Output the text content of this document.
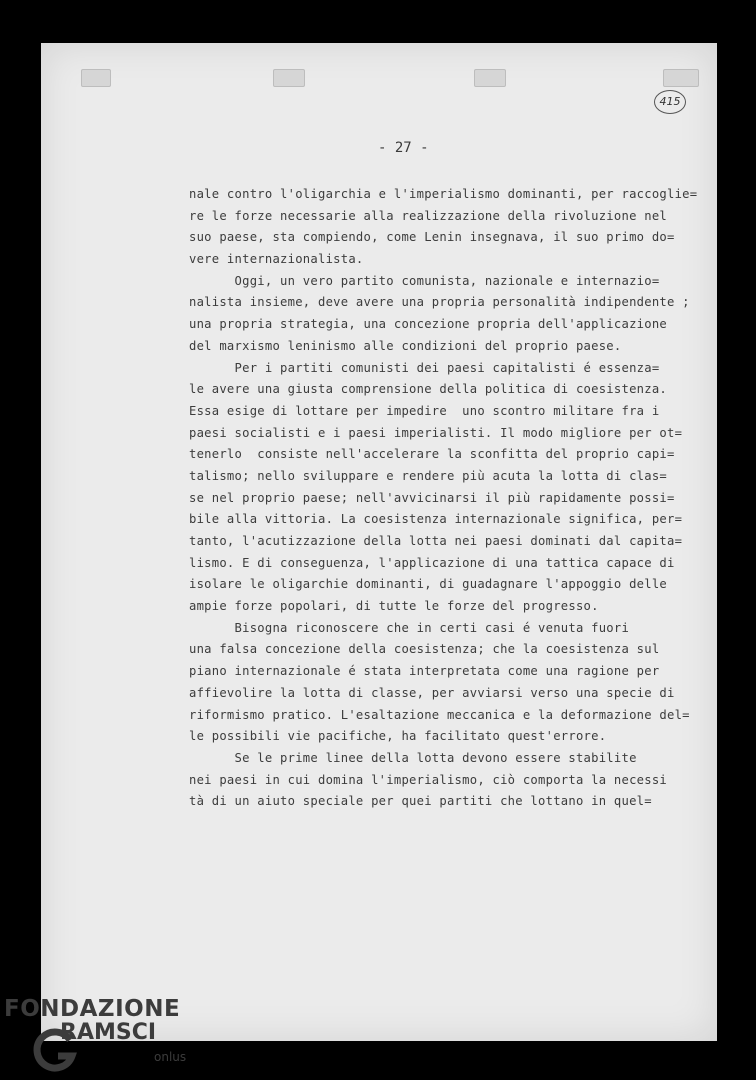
415
- 27 -
nale contro l'oligarchia e l'imperialismo dominanti, per raccoglie=
re le forze necessarie alla realizzazione della rivoluzione nel
suo paese, sta compiendo, come Lenin insegnava, il suo primo do=
vere internazionalista.
Oggi, un vero partito comunista, nazionale e internazio=
nalista insieme, deve avere una propria personalità indipendente ;
una propria strategia, una concezione propria dell'applicazione
del marxismo leninismo alle condizioni del proprio paese.
Per i partiti comunisti dei paesi capitalisti é essenza=
le avere una giusta comprensione della politica di coesistenza.
Essa esige di lottare per impedire  uno scontro militare fra i
paesi socialisti e i paesi imperialisti. Il modo migliore per ot=
tenerlo  consiste nell'accelerare la sconfitta del proprio capi=
talismo; nello sviluppare e rendere più acuta la lotta di clas=
se nel proprio paese; nell'avvicinarsi il più rapidamente possi=
bile alla vittoria. La coesistenza internazionale significa, per=
tanto, l'acutizzazione della lotta nei paesi dominati dal capita=
lismo. E di conseguenza, l'applicazione di una tattica capace di
isolare le oligarchie dominanti, di guadagnare l'appoggio delle
ampie forze popolari, di tutte le forze del progresso.
Bisogna riconoscere che in certi casi é venuta fuori
una falsa concezione della coesistenza; che la coesistenza sul
piano internazionale é stata interpretata come una ragione per
affievolire la lotta di classe, per avviarsi verso una specie di
riformismo pratico. L'esaltazione meccanica e la deformazione del=
le possibili vie pacifiche, ha facilitato quest'errore.
Se le prime linee della lotta devono essere stabilite
nei paesi in cui domina l'imperialismo, ciò comporta la necessi
tà di un aiuto speciale per quei partiti che lottano in quel=
FONDAZIONE
RAMSCI
onlus
